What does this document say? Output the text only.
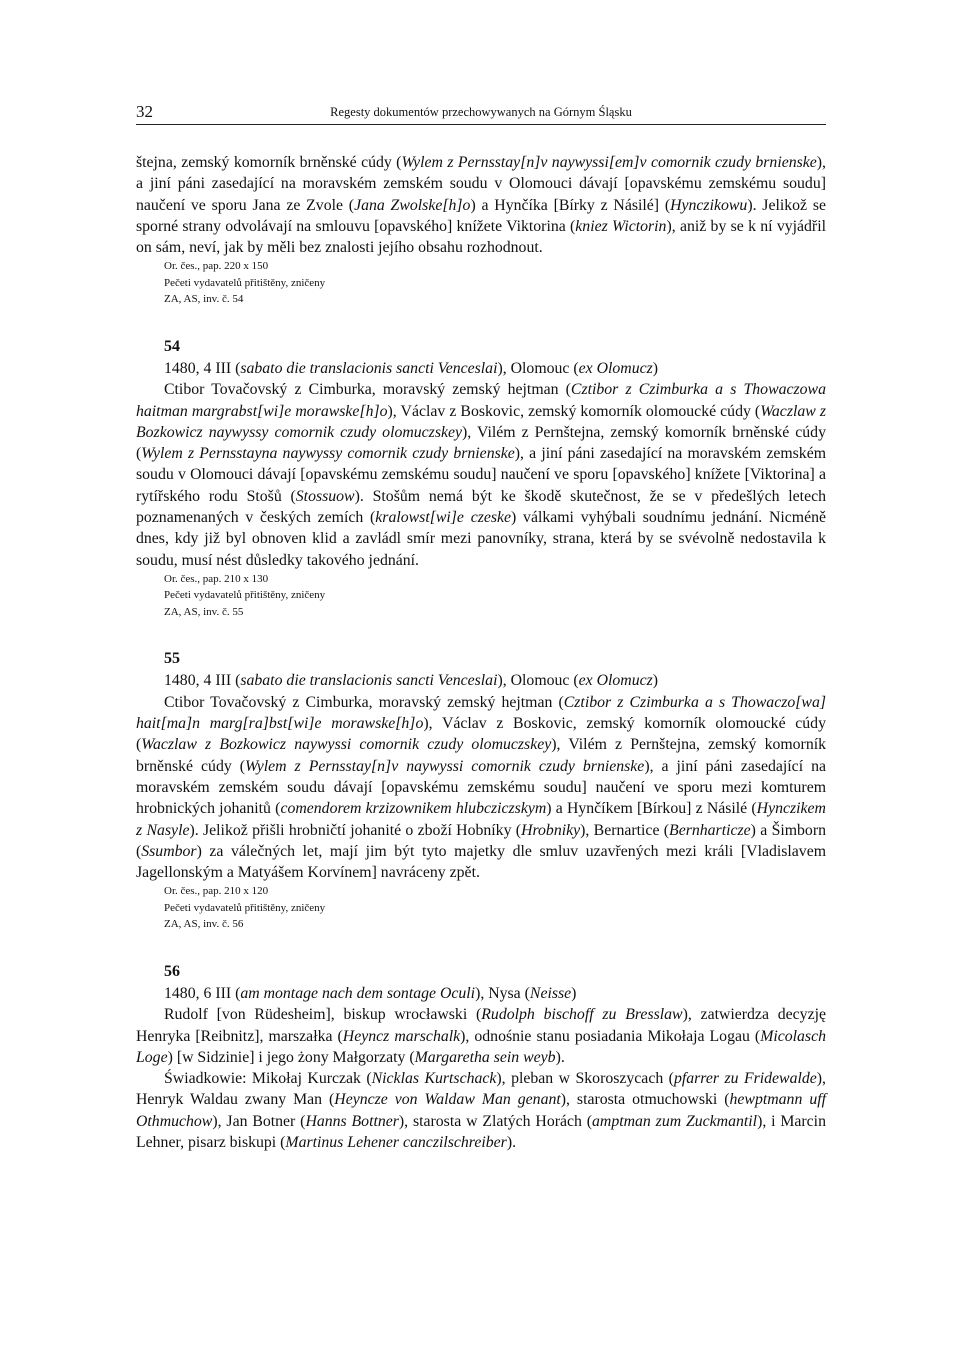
32	Regesty dokumentów przechowywanych na Górnym Śląsku

štejna, zemský komorník brněnské cúdy (Wylem z Pernsstay[n]v naywyssi[em]v comornik czudy brnienske), a jiní páni zasedající na moravském zemském soudu v Olomouci dávají [opavskému zemskému soudu] naučení ve sporu Jana ze Zvole (Jana Zwolske[h]o) a Hynčíka [Bírky z Násilé] (Hynczikowu). Jelikož se sporné strany odvolávají na smlouvu [opavského] knížete Viktorina (kniez Wictorin), aniž by se k ní vyjádřil on sám, neví, jak by měli bez znalosti jejího obsahu rozhodnout.

Or. čes., pap. 220 x 150
Pečeti vydavatelů přitištěny, zničeny
ZA, AS, inv. č. 54
54
1480, 4 III (sabato die translacionis sancti Venceslai), Olomouc (ex Olomucz)

Ctibor Tovačovský z Cimburka, moravský zemský hejtman (Cztibor z Czimburka a s Thowaczowa haitman margrabst[wi]e morawske[h]o), Václav z Boskovic, zemský komorník olomoucké cúdy (Waczlaw z Bozkowicz naywyssy comornik czudy olomuczskey), Vilém z Pernštejna, zemský komorník brněnské cúdy (Wylem z Pernsstayna naywyssy comornik czudy brnienske), a jiní páni zasedající na moravském zemském soudu v Olomouci dávají [opavskému zemskému soudu] naučení ve sporu [opavského] knížete [Viktorina] a rytířského rodu Stošů (Stossuow). Stošům nemá být ke škodě skutečnost, že se v předešlých letech poznamenaných v českých zemích (kralowst[wi]e czeske) válkami vyhýbali soudnímu jednání. Nicméně dnes, kdy již byl obnoven klid a zavládl smír mezi panovníky, strana, která by se svévolně nedostavila k soudu, musí nést důsledky takového jednání.

Or. čes., pap. 210 x 130
Pečeti vydavatelů přitištěny, zničeny
ZA, AS, inv. č. 55
55
1480, 4 III (sabato die translacionis sancti Venceslai), Olomouc (ex Olomucz)

Ctibor Tovačovský z Cimburka, moravský zemský hejtman (Cztibor z Czimburka a s Thowaczo[wa] hait[ma]n marg[ra]bst[wi]e morawske[h]o), Václav z Boskovic, zemský komorník olomoucké cúdy (Waczlaw z Bozkowicz naywyssi comornik czudy olomuczskey), Vilém z Pernštejna, zemský komorník brněnské cúdy (Wylem z Pernsstay[n]v naywyssi comornik czudy brnienske), a jiní páni zasedající na moravském zemském soudu dávají [opavskému zemskému soudu] naučení ve sporu mezi komturem hrobnických johanitů (comendorem krzizownikem hlubcziczskym) a Hynčíkem [Bírkou] z Násilé (Hynczikem z Nasyle). Jelikož přišli hrobničtí johanité o zboží Hobníky (Hrobniky), Bernartice (Bernharticze) a Šimborn (Ssumbor) za válečných let, mají jim být tyto majetky dle smluv uzavřených mezi králi [Vladislavem Jagellonským a Matyášem Korvínem] navráceny zpět.

Or. čes., pap. 210 x 120
Pečeti vydavatelů přitištěny, zničeny
ZA, AS, inv. č. 56
56
1480, 6 III (am montage nach dem sontage Oculi), Nysa (Neisse)

Rudolf [von Rüdesheim], biskup wrocławski (Rudolph bischoff zu Bresslaw), zatwierdza decyzję Henryka [Reibnitz], marszałka (Heyncz marschalk), odnośnie stanu posiadania Mikołaja Logau (Micolasch Loge) [w Sidzinie] i jego żony Małgorzaty (Margaretha sein weyb).

Świadkowie: Mikołaj Kurczak (Nicklas Kurtschack), pleban w Skoroszycach (pfarrer zu Fridewalde), Henryk Waldau zwany Man (Heyncze von Waldaw Man genant), starosta otmuchowski (hewptmann uff Othmuchow), Jan Botner (Hanns Bottner), starosta w Zlatých Horách (amptman zum Zuckmantil), i Marcin Lehner, pisarz biskupi (Martinus Lehener canczilschreiber).
